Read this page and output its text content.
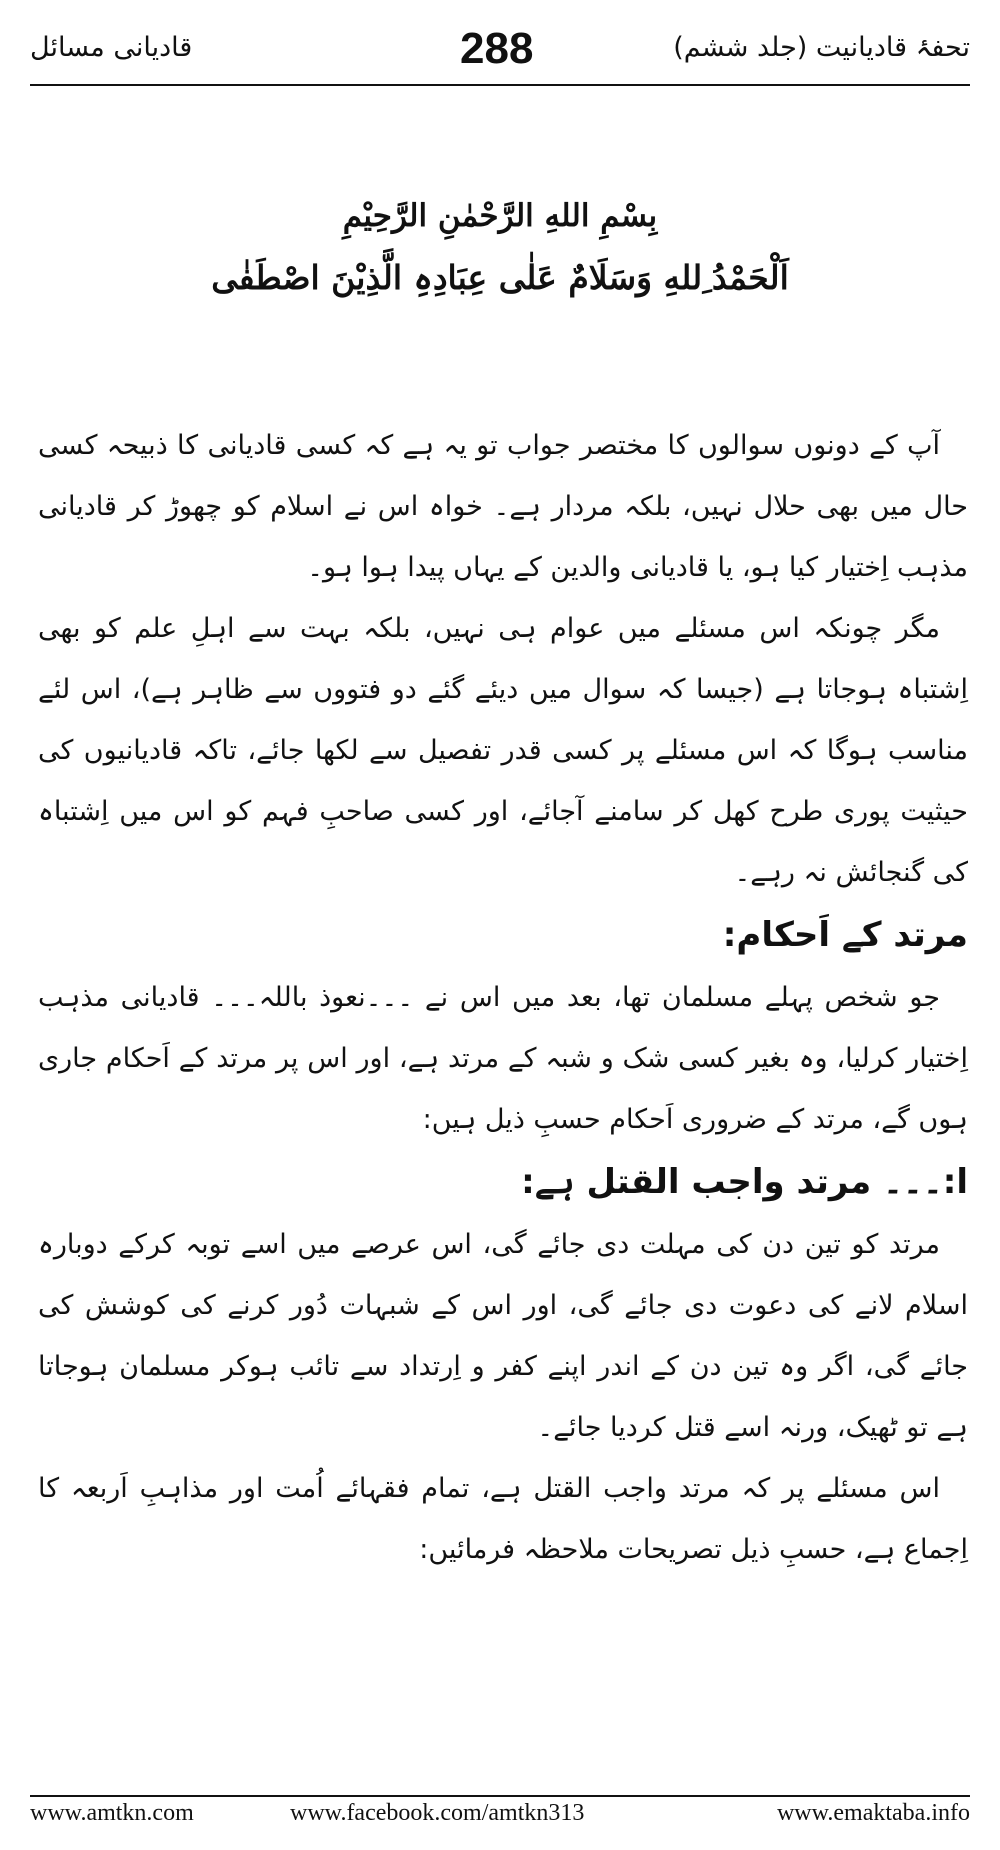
قادیانی مسائل	288	تحفۂ قادیانیت (جلد ششم)
بِسْمِ اللهِ الرَّحْمٰنِ الرَّحِیْمِ
اَلْحَمْدُ ِللهِ وَسَلَامٌ عَلٰی عِبَادِہِ الَّذِیْنَ اصْطَفٰی

آپ کے دونوں سوالوں کا مختصر جواب تو یہ ہے کہ کسی قادیانی کا ذبیحہ کسی حال میں بھی حلال نہیں، بلکہ مردار ہے۔ خواہ اس نے اسلام کو چھوڑ کر قادیانی مذہب اِختیار کیا ہو، یا قادیانی والدین کے یہاں پیدا ہوا ہو۔

مگر چونکہ اس مسئلے میں عوام ہی نہیں، بلکہ بہت سے اہلِ علم کو بھی اِشتباہ ہوجاتا ہے (جیسا کہ سوال میں دیئے گئے دو فتووں سے ظاہر ہے)، اس لئے مناسب ہوگا کہ اس مسئلے پر کسی قدر تفصیل سے لکھا جائے، تاکہ قادیانیوں کی حیثیت پوری طرح کھل کر سامنے آجائے، اور کسی صاحبِ فہم کو اس میں اِشتباہ کی گنجائش نہ رہے۔

مرتد کے اَحکام:

جو شخص پہلے مسلمان تھا، بعد میں اس نے ۔۔۔نعوذ باللہ۔۔۔ قادیانی مذہب اِختیار کرلیا، وہ بغیر کسی شک و شبہ کے مرتد ہے، اور اس پر مرتد کے اَحکام جاری ہوں گے، مرتد کے ضروری اَحکام حسبِ ذیل ہیں:

ا:۔۔۔ مرتد واجب القتل ہے:

مرتد کو تین دن کی مہلت دی جائے گی، اس عرصے میں اسے توبہ کرکے دوبارہ اسلام لانے کی دعوت دی جائے گی، اور اس کے شبہات دُور کرنے کی کوشش کی جائے گی، اگر وہ تین دن کے اندر اپنے کفر و اِرتداد سے تائب ہوکر مسلمان ہوجاتا ہے تو ٹھیک، ورنہ اسے قتل کردیا جائے۔

اس مسئلے پر کہ مرتد واجب القتل ہے، تمام فقہائے اُمت اور مذاہبِ اَربعہ کا اِجماع ہے، حسبِ ذیل تصریحات ملاحظہ فرمائیں:

www.amtkn.com	www.facebook.com/amtkn313	www.emaktaba.info
